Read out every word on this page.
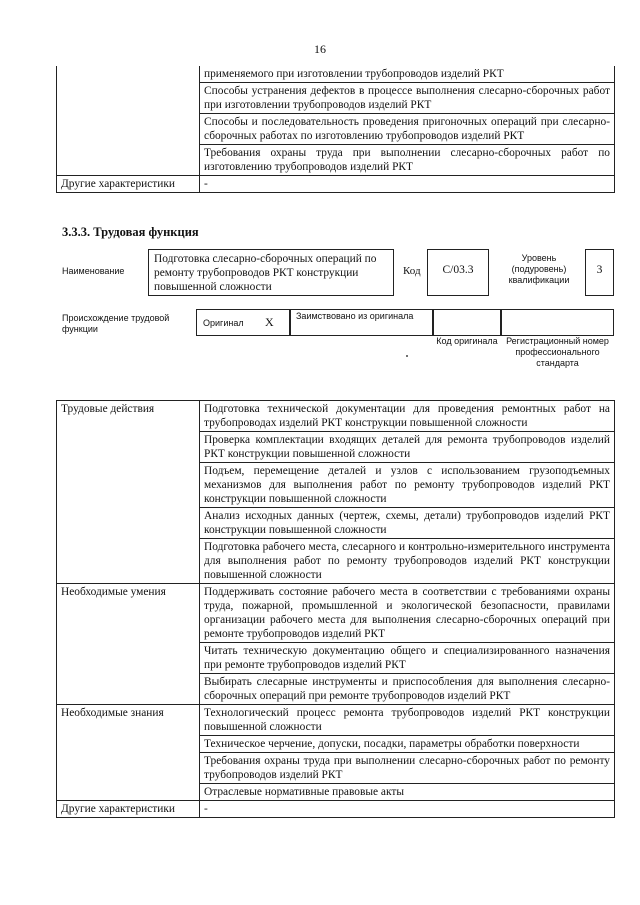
16
	применяемого при изготовлении трубопроводов изделий РКТ
	Способы устранения дефектов в процессе выполнения слесарно-сборочных работ при изготовлении трубопроводов изделий РКТ
	Способы и последовательность проведения пригоночных операций при слесарно-сборочных работах по изготовлению трубопроводов изделий РКТ
	Требования охраны труда при выполнении слесарно-сборочных работ по изготовлению трубопроводов изделий РКТ
Другие характеристики	-
3.3.3. Трудовая функция
Наименование
Подготовка слесарно-сборочных операций по ремонту трубопроводов РКТ конструкции повышенной сложности
Код	С/03.3
Уровень (подуровень) квалификации
3
Происхождение трудовой функции
Оригинал X	Заимствовано из оригинала
Код оригинала Регистрационный номер профессионального стандарта
Трудовые действия	Подготовка технической документации для проведения ремонтных работ на трубопроводах изделий РКТ конструкции повышенной сложности
	Проверка комплектации входящих деталей для ремонта трубопроводов изделий РКТ конструкции повышенной сложности
	Подъем, перемещение деталей и узлов с использованием грузоподъемных механизмов для выполнения работ по ремонту трубопроводов изделий РКТ конструкции повышенной сложности
	Анализ исходных данных (чертеж, схемы, детали) трубопроводов изделий РКТ конструкции повышенной сложности
	Подготовка рабочего места, слесарного и контрольно-измерительного инструмента для выполнения работ по ремонту трубопроводов изделий РКТ конструкции повышенной сложности
Необходимые умения	Поддерживать состояние рабочего места в соответствии с требованиями охраны труда, пожарной, промышленной и экологической безопасности, правилами организации рабочего места для выполнения слесарно-сборочных операций при ремонте трубопроводов изделий РКТ
	Читать техническую документацию общего и специализированного назначения при ремонте трубопроводов изделий РКТ
	Выбирать слесарные инструменты и приспособления для выполнения слесарно-сборочных операций при ремонте трубопроводов изделий РКТ
Необходимые знания	Технологический процесс ремонта трубопроводов изделий РКТ конструкции повышенной сложности
	Техническое черчение, допуски, посадки, параметры обработки поверхности
	Требования охраны труда при выполнении слесарно-сборочных работ по ремонту трубопроводов изделий РКТ
	Отраслевые нормативные правовые акты
Другие характеристики	-
